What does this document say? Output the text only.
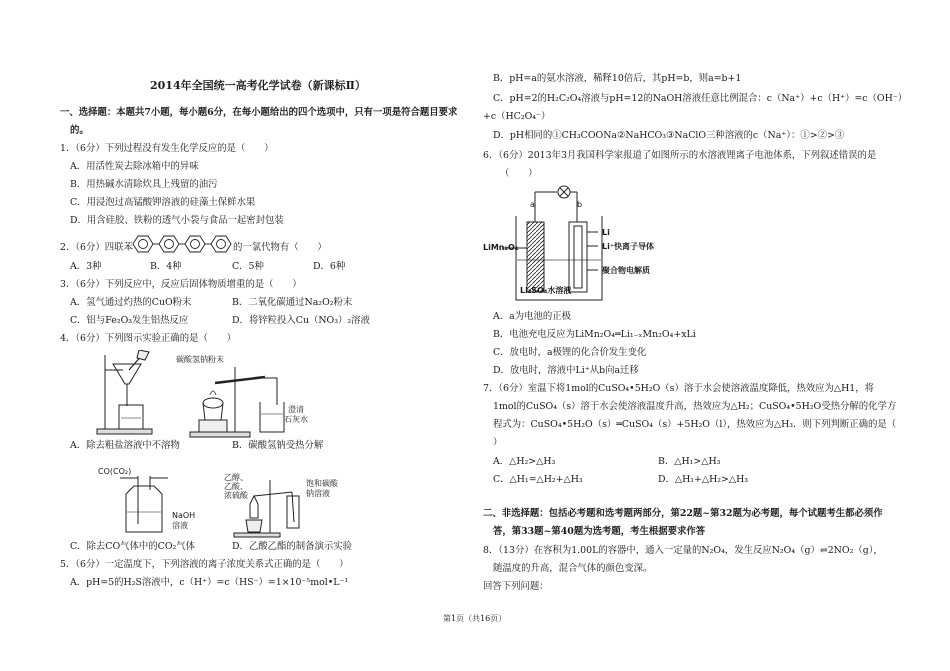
2014年全国统一高考化学试卷（新课标Ⅱ）
一、选择题：本题共7小题，每小题6分，在每小题给出的四个选项中，只有一项是符合题目要求
的。
1．（6分）下列过程没有发生化学反应的是（　　）
A．用活性炭去除冰箱中的异味
B．用热碱水清除炊具上残留的油污
C．用浸泡过高锰酸钾溶液的硅藻土保鲜水果
D．用含硅胶、铁粉的透气小袋与食品一起密封包装
2．（6分）四联苯	的一氯代物有（　　）
A．3种	B．4种	C．5种	D．6种
3．（6分）下列反应中，反应后固体物质增重的是（　　）
A．氢气通过灼热的CuO粉末	B．二氧化碳通过Na₂O₂粉末
C．铝与Fe₂O₃发生铝热反应	D．将锌粒投入Cu（NO₃）₂溶液
4．（6分）下列图示实验正确的是（　　）
碳酸氢钠粉末
澄清
石灰水
A．除去粗盐溶液中不溶物	B．碳酸氢钠受热分解
CO(CO₂)
NaOH
溶液
乙醇、
乙酸、
浓硫酸
饱和碳酸
钠溶液
C．除去CO气体中的CO₂气体	D．乙酸乙酯的制备演示实验
5．（6分）一定温度下，下列溶液的离子浓度关系式正确的是（　　）
A．pH=5的H₂S溶液中，c（H⁺）=c（HS⁻）=1×10⁻⁵mol•L⁻¹
B．pH=a的氨水溶液，稀释10倍后，其pH=b，则a=b+1
C．pH=2的H₂C₂O₄溶液与pH=12的NaOH溶液任意比例混合：c（Na⁺）+c（H⁺）=c（OH⁻）
+c（HC₂O₄⁻）
D．pH相同的①CH₃COONa②NaHCO₃③NaClO三种溶液的c（Na⁺）：①>②>③
6．（6分）2013年3月我国科学家报道了如图所示的水溶液锂离子电池体系，下列叙述错误的是
（　　）
a	b
LiMn₂O₄
Li
Li⁺快离子导体
聚合物电解质
Li₂SO₄水溶液
A．a为电池的正极
B．电池充电反应为LiMn₂O₄═Li₁₋ₓMn₂O₄+xLi
C．放电时，a极锂的化合价发生变化
D．放电时，溶液中Li⁺从b向a迁移
7．（6分）室温下将1mol的CuSO₄•5H₂O（s）溶于水会使溶液温度降低，热效应为△H1，将
1mol的CuSO₄（s）溶于水会使溶液温度升高，热效应为△H₂；CuSO₄•5H₂O受热分解的化学方
程式为：CuSO₄•5H₂O（s）═CuSO₄（s）+5H₂O（l），热效应为△H₃．则下列判断正确的是（
）
A．△H₂>△H₃	B．△H₁>△H₃
C．△H₁=△H₂+△H₃	D．△H₁+△H₂>△H₃
二、非选择题：包括必考题和选考题两部分，第22题~第32题为必考题，每个试题考生都必须作
答，第33题~第40题为选考题，考生根据要求作答
8．（13分）在容积为1.00L的容器中，通入一定量的N₂O₄，发生反应N₂O₄（g）⇌2NO₂（g），
随温度的升高，混合气体的颜色变深。
回答下列问题：
第1页（共16页）
